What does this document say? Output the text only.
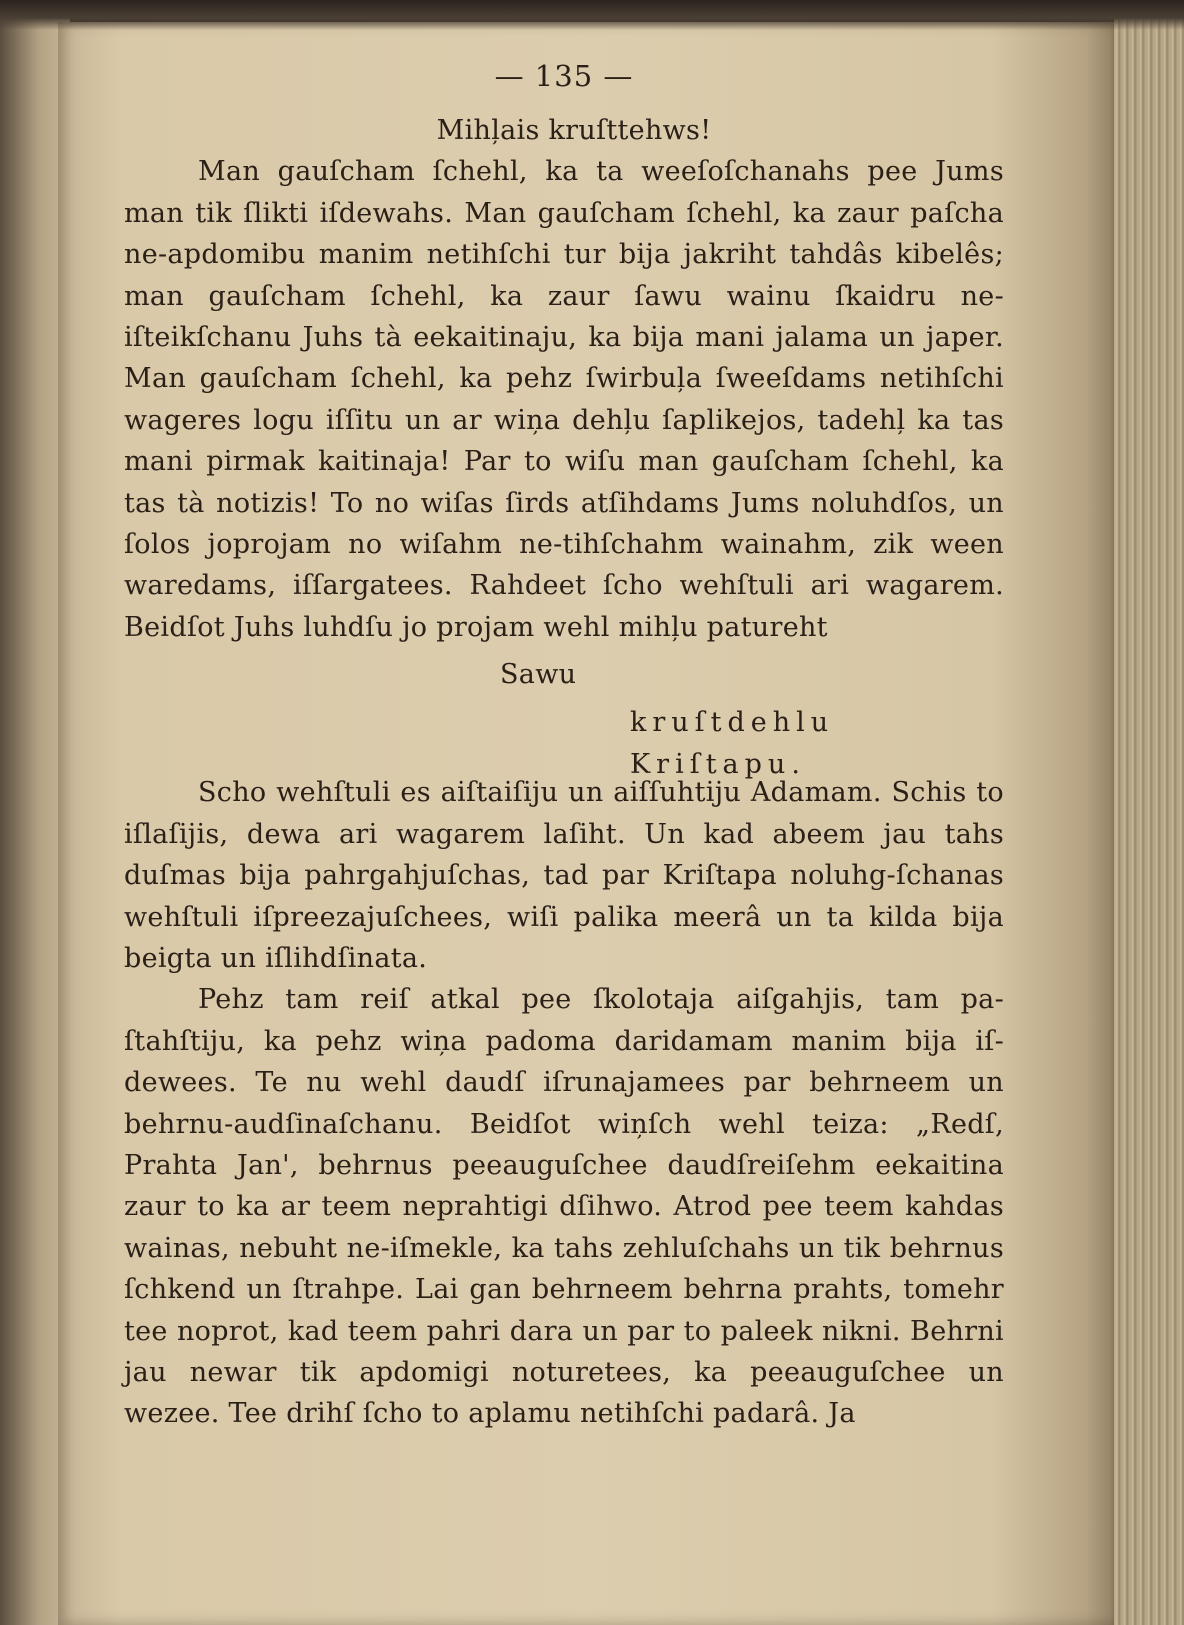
— 135 —
Mihļais kruſttehws!

Man gauſcham ſchehl, ka ta weeſoſchanahs pee Jums man tik ſlikti iſdewahs. Man gauſcham ſchehl, ka zaur paſcha ne-apdomibu manim netihſchi tur bija jakriht tahdâs kibelês; man gauſcham ſchehl, ka zaur ſawu wainu ſkaidru ne-iſteikſchanu Juhs tà eekaitinaju, ka bija mani jalama un japer. Man gauſcham ſchehl, ka pehz ſwirbuļa ſweeſdams netihſchi wageres logu iſſitu un ar wiņa dehļu ſaplikejos, tadehļ ka tas mani pirmak kaitinaja! Par to wiſu man gauſcham ſchehl, ka tas tà notizis! To no wiſas ſirds atſihdams Jums noluhdſos, un ſolos joprojam no wiſahm ne-tihſchahm wainahm, zik ween waredams, iſſargatees. Rahdeet ſcho wehſtuli ari wagarem. Beidſot Juhs luhdſu jo projam wehl mihļu patureht

Sawu
kruſtdehlu Kriſtapu.

Scho wehſtuli es aiſtaiſiju un aiſſuhtiju Adamam. Schis to iſlaſijis, dewa ari wagarem laſiht. Un kad abeem jau tahs duſmas bija pahrgahjuſchas, tad par Kriſtapa noluhg-ſchanas wehſtuli iſpreezajuſchees, wiſi palika meerâ un ta kilda bija beigta un iſlihdſinata.

Pehz tam reiſ atkal pee ſkolotaja aiſgahjis, tam pa-ſtahſtiju, ka pehz wiņa padoma daridamam manim bija iſ-dewees. Te nu wehl daudſ iſrunajamees par behrneem un behrnu-audſinaſchanu. Beidſot wiņſch wehl teiza: „Redſ, Prahta Jan', behrnus peeauguſchee daudſreiſehm eekaitina zaur to ka ar teem neprahtigi dſihwo. Atrod pee teem kahdas wainas, nebuht ne-iſmekle, ka tahs zehluſchahs un tik behrnus ſchkend un ſtrahpe. Lai gan behrneem behrna prahts, tomehr tee noprot, kad teem pahri dara un par to paleek nikni. Behrni jau newar tik apdomigi noturetees, ka peeauguſchee un wezee. Tee drihſ ſcho to aplamu netihſchi padarâ. Ja
